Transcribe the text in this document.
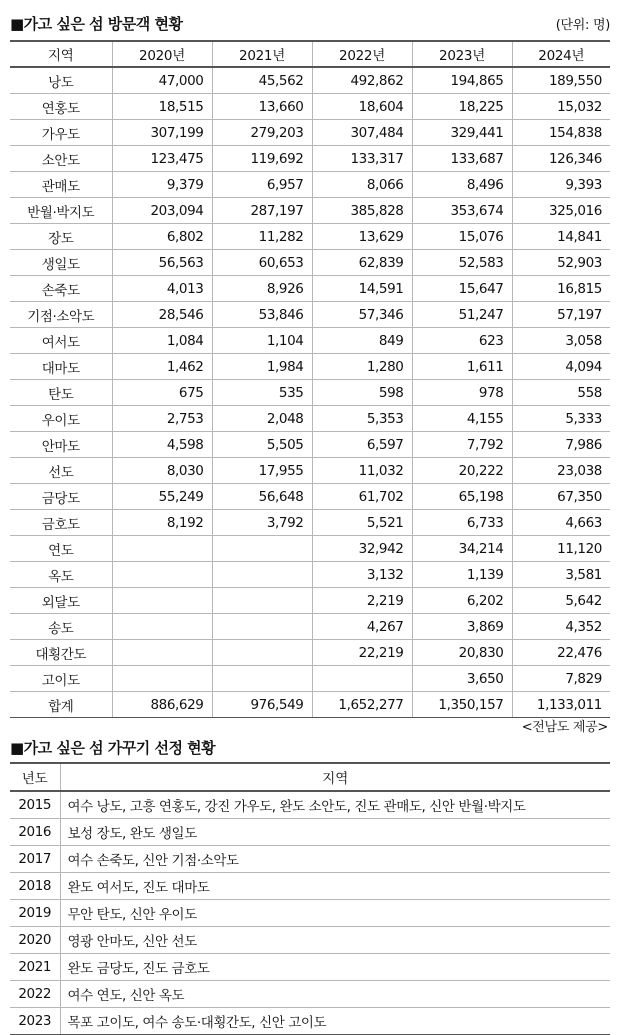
■가고 싶은 섬 방문객 현황	(단위: 명)
지역	2020년	2021년	2022년	2023년	2024년
낭도	47,000	45,562	492,862	194,865	189,550
연홍도	18,515	13,660	18,604	18,225	15,032
가우도	307,199	279,203	307,484	329,441	154,838
소안도	123,475	119,692	133,317	133,687	126,346
관매도	9,379	6,957	8,066	8,496	9,393
반월·박지도	203,094	287,197	385,828	353,674	325,016
장도	6,802	11,282	13,629	15,076	14,841
생일도	56,563	60,653	62,839	52,583	52,903
손죽도	4,013	8,926	14,591	15,647	16,815
기점·소악도	28,546	53,846	57,346	51,247	57,197
여서도	1,084	1,104	849	623	3,058
대마도	1,462	1,984	1,280	1,611	4,094
탄도	675	535	598	978	558
우이도	2,753	2,048	5,353	4,155	5,333
안마도	4,598	5,505	6,597	7,792	7,986
선도	8,030	17,955	11,032	20,222	23,038
금당도	55,249	56,648	61,702	65,198	67,350
금호도	8,192	3,792	5,521	6,733	4,663
연도			32,942	34,214	11,120
옥도			3,132	1,139	3,581
외달도			2,219	6,202	5,642
송도			4,267	3,869	4,352
대횡간도			22,219	20,830	22,476
고이도				3,650	7,829
합계	886,629	976,549	1,652,277	1,350,157	1,133,011
<전남도 제공>
■가고 싶은 섬 가꾸기 선정 현황
년도	지역
2015	여수 낭도, 고흥 연홍도, 강진 가우도, 완도 소안도, 진도 관매도, 신안 반월·박지도
2016	보성 장도, 완도 생일도
2017	여수 손죽도, 신안 기점·소악도
2018	완도 여서도, 진도 대마도
2019	무안 탄도, 신안 우이도
2020	영광 안마도, 신안 선도
2021	완도 금당도, 진도 금호도
2022	여수 연도, 신안 옥도
2023	목포 고이도, 여수 송도·대횡간도, 신안 고이도
